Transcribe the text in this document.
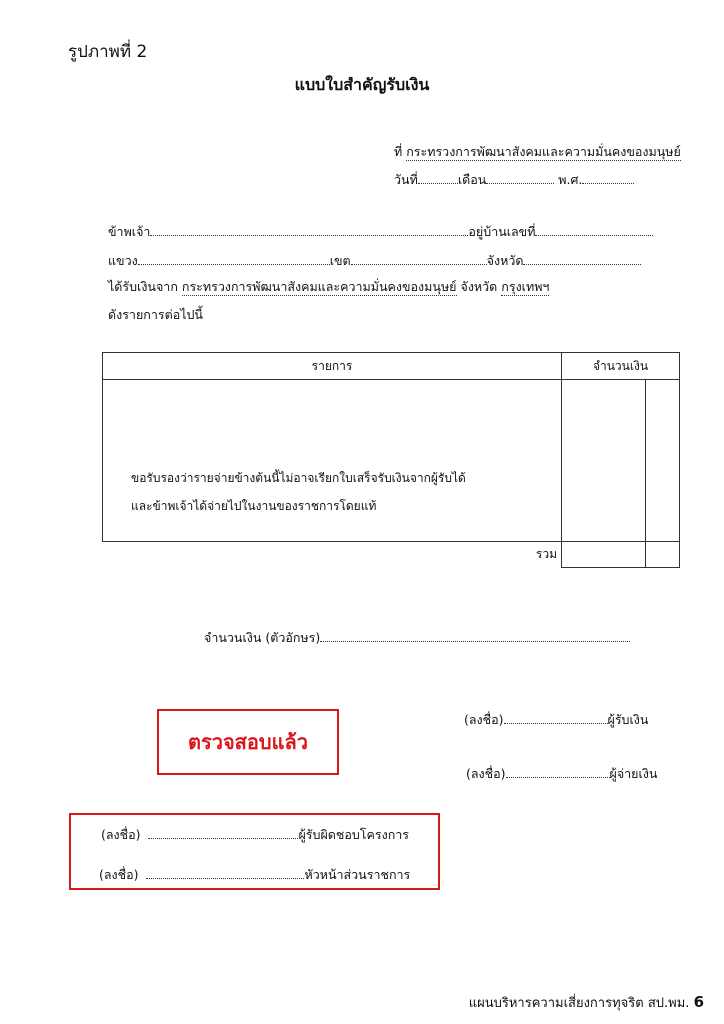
รูปภาพที่ 2
แบบใบสำคัญรับเงิน
ที่ กระทรวงการพัฒนาสังคมและความมั่นคงของมนุษย์
วันที่	เดือน	พ.ศ.
ข้าพเจ้า	อยู่บ้านเลขที่
แขวง	เขต	จังหวัด
ได้รับเงินจาก กระทรวงการพัฒนาสังคมและความมั่นคงของมนุษย์ จังหวัด กรุงเทพฯ
ดังรายการต่อไปนี้
รายการ	จำนวนเงิน	

ขอรับรองว่ารายจ่ายข้างต้นนี้ไม่อาจเรียกใบเสร็จรับเงินจากผู้รับได้
และข้าพเจ้าได้จ่ายไปในงานของราชการโดยแท้		

รวม		
จำนวนเงิน (ตัวอักษร)
ตรวจสอบแล้ว
(ลงชื่อ)	ผู้รับเงิน
(ลงชื่อ)	ผู้จ่ายเงิน
(ลงชื่อ)	ผู้รับผิดชอบโครงการ
(ลงชื่อ)	หัวหน้าส่วนราชการ
แผนบริหารความเสี่ยงการทุจริต สป.พม. 6
